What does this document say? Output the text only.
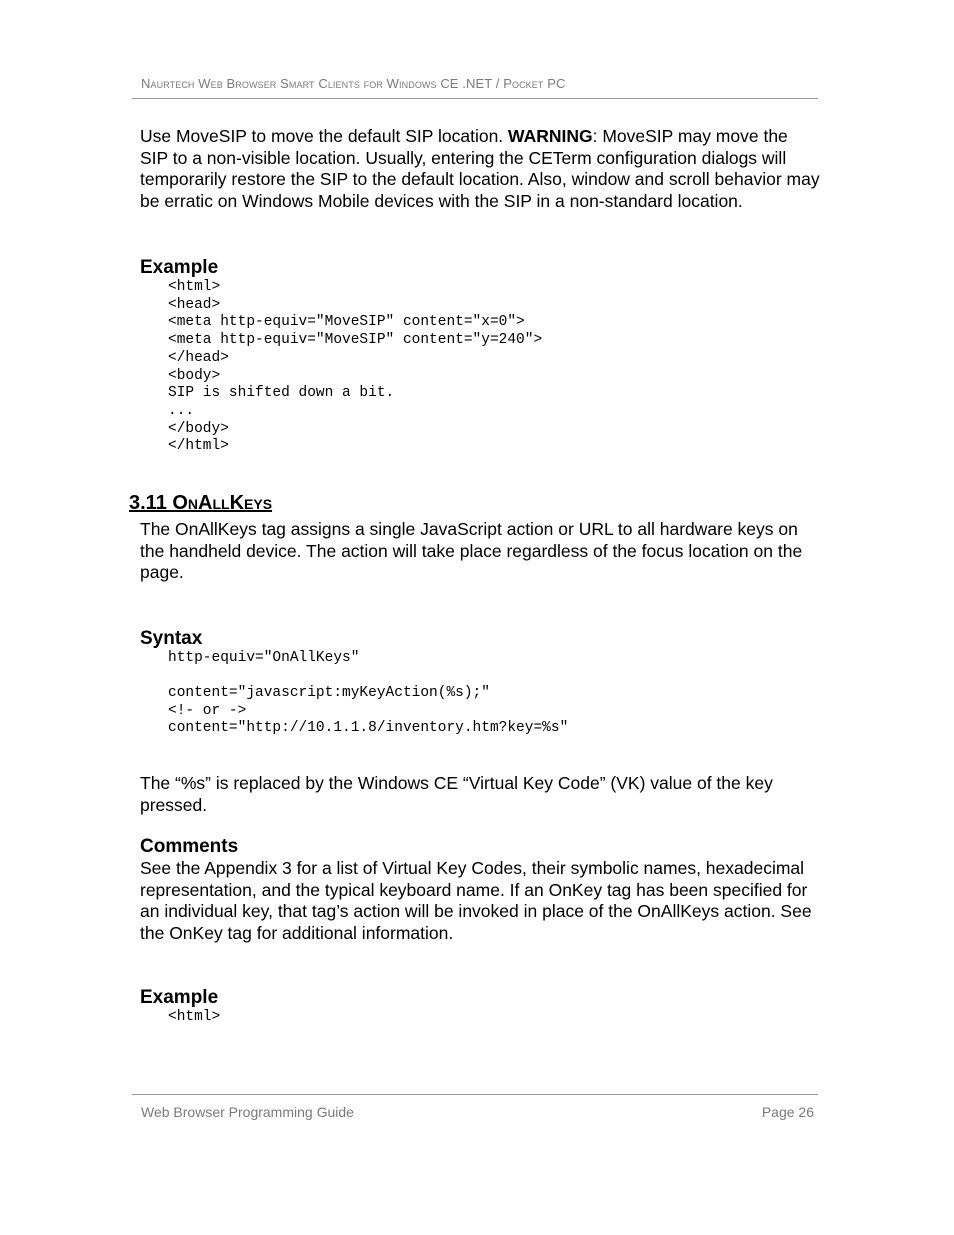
Naurtech Web Browser Smart Clients for Windows CE .NET / Pocket PC

Use MoveSIP to move the default SIP location. WARNING: MoveSIP may move the SIP to a non-visible location. Usually, entering the CETerm configuration dialogs will temporarily restore the SIP to the default location. Also, window and scroll behavior may be erratic on Windows Mobile devices with the SIP in a non-standard location.

Example
<html>
<head>
<meta http-equiv="MoveSIP" content="x=0">
<meta http-equiv="MoveSIP" content="y=240">
</head>
<body>
SIP is shifted down a bit.
...
</body>
</html>
3.11 OnAllKeys

The OnAllKeys tag assigns a single JavaScript action or URL to all hardware keys on the handheld device. The action will take place regardless of the focus location on the page.

Syntax
http-equiv="OnAllKeys"

content="javascript:myKeyAction(%s);"
<!- or ->
content="http://10.1.1.8/inventory.htm?key=%s"

The “%s” is replaced by the Windows CE “Virtual Key Code” (VK) value of the key pressed.

Comments

See the Appendix 3 for a list of Virtual Key Codes, their symbolic names, hexadecimal representation, and the typical keyboard name. If an OnKey tag has been specified for an individual key, that tag’s action will be invoked in place of the OnAllKeys action. See the OnKey tag for additional information.

Example
<html>
Web Browser Programming Guide	Page 26
